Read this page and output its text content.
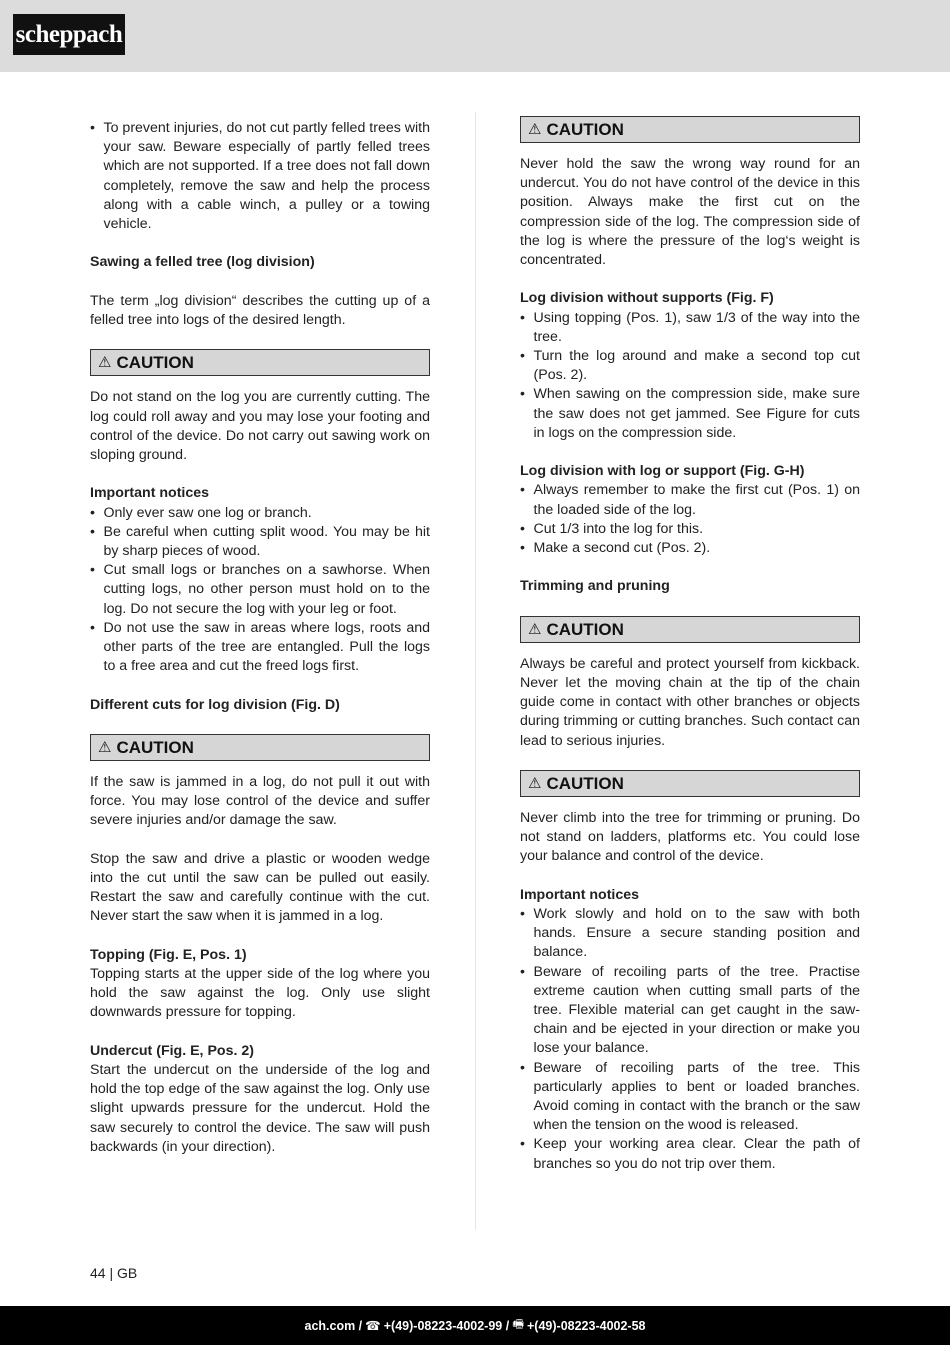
scheppach
• To prevent injuries, do not cut partly felled trees with your saw. Beware especially of partly felled trees which are not supported. If a tree does not fall down completely, remove the saw and help the process along with a cable winch, a pulley or a towing vehicle.

Sawing a felled tree (log division)

The term „log division“ describes the cutting up of a felled tree into logs of the desired length.

⚠ CAUTION

Do not stand on the log you are currently cutting. The log could roll away and you may lose your footing and control of the device. Do not carry out sawing work on sloping ground.

Important notices

• Only ever saw one log or branch.
• Be careful when cutting split wood. You may be hit by sharp pieces of wood.
• Cut small logs or branches on a sawhorse. When cutting logs, no other person must hold on to the log. Do not secure the log with your leg or foot.
• Do not use the saw in areas where logs, roots and other parts of the tree are entangled. Pull the logs to a free area and cut the freed logs first.

Different cuts for log division (Fig. D)

⚠ CAUTION

If the saw is jammed in a log, do not pull it out with force. You may lose control of the device and suffer severe injuries and/or damage the saw.

Stop the saw and drive a plastic or wooden wedge into the cut until the saw can be pulled out easily. Restart the saw and carefully continue with the cut. Never start the saw when it is jammed in a log.

Topping (Fig. E, Pos. 1)

Topping starts at the upper side of the log where you hold the saw against the log. Only use slight downwards pressure for topping.

Undercut (Fig. E, Pos. 2)

Start the undercut on the underside of the log and hold the top edge of the saw against the log. Only use slight upwards pressure for the undercut. Hold the saw securely to control the device. The saw will push backwards (in your direction).

⚠ CAUTION

Never hold the saw the wrong way round for an undercut. You do not have control of the device in this position. Always make the first cut on the compression side of the log. The compression side of the log is where the pressure of the log‘s weight is concentrated.

Log division without supports (Fig. F)

• Using topping (Pos. 1), saw 1/3 of the way into the tree.
• Turn the log around and make a second top cut (Pos. 2).
• When sawing on the compression side, make sure the saw does not get jammed. See Figure for cuts in logs on the compression side.

Log division with log or support (Fig. G-H)

• Always remember to make the first cut (Pos. 1) on the loaded side of the log.
• Cut 1/3 into the log for this.
• Make a second cut (Pos. 2).

Trimming and pruning

⚠ CAUTION

Always be careful and protect yourself from kickback. Never let the moving chain at the tip of the chain guide come in contact with other branches or objects during trimming or cutting branches. Such contact can lead to serious injuries.

⚠ CAUTION

Never climb into the tree for trimming or pruning. Do not stand on ladders, platforms etc. You could lose your balance and control of the device.

Important notices

• Work slowly and hold on to the saw with both hands. Ensure a secure standing position and balance.
• Beware of recoiling parts of the tree. Practise extreme caution when cutting small parts of the tree. Flexible material can get caught in the saw-chain and be ejected in your direction or make you lose your balance.
• Beware of recoiling parts of the tree. This particularly applies to bent or loaded branches. Avoid coming in contact with the branch or the saw when the tension on the wood is released.
• Keep your working area clear. Clear the path of branches so you do not trip over them.
44 | GB
ach.com / ☎ +(49)-08223-4002-99 / 🖷 +(49)-08223-4002-58
